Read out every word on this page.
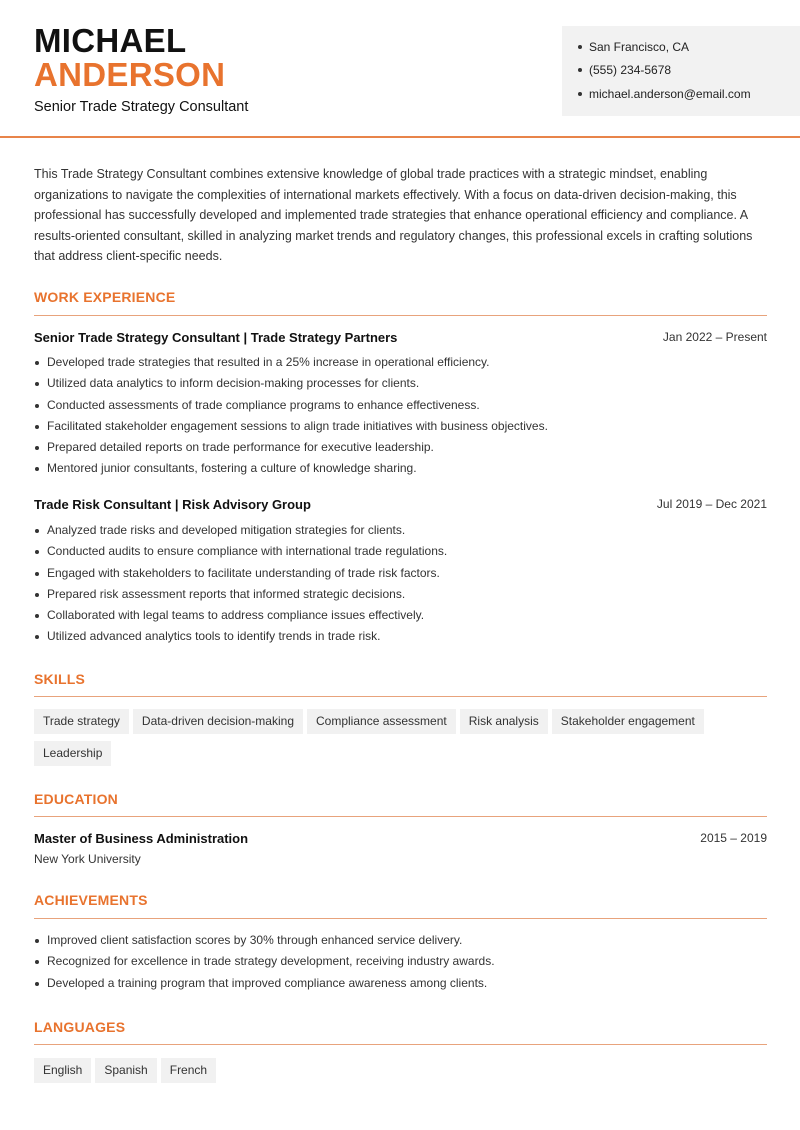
MICHAEL
ANDERSON
Senior Trade Strategy Consultant
San Francisco, CA
(555) 234-5678
michael.anderson@email.com
This Trade Strategy Consultant combines extensive knowledge of global trade practices with a strategic mindset, enabling organizations to navigate the complexities of international markets effectively. With a focus on data-driven decision-making, this professional has successfully developed and implemented trade strategies that enhance operational efficiency and compliance. A results-oriented consultant, skilled in analyzing market trends and regulatory changes, this professional excels in crafting solutions that address client-specific needs.
WORK EXPERIENCE
Senior Trade Strategy Consultant | Trade Strategy Partners	Jan 2022 – Present
Developed trade strategies that resulted in a 25% increase in operational efficiency.
Utilized data analytics to inform decision-making processes for clients.
Conducted assessments of trade compliance programs to enhance effectiveness.
Facilitated stakeholder engagement sessions to align trade initiatives with business objectives.
Prepared detailed reports on trade performance for executive leadership.
Mentored junior consultants, fostering a culture of knowledge sharing.
Trade Risk Consultant | Risk Advisory Group	Jul 2019 – Dec 2021
Analyzed trade risks and developed mitigation strategies for clients.
Conducted audits to ensure compliance with international trade regulations.
Engaged with stakeholders to facilitate understanding of trade risk factors.
Prepared risk assessment reports that informed strategic decisions.
Collaborated with legal teams to address compliance issues effectively.
Utilized advanced analytics tools to identify trends in trade risk.
SKILLS
Trade strategy Data-driven decision-making Compliance assessment Risk analysis Stakeholder engagementLeadership
EDUCATION
Master of Business Administration	2015 – 2019
New York University
ACHIEVEMENTS
Improved client satisfaction scores by 30% through enhanced service delivery.
Recognized for excellence in trade strategy development, receiving industry awards.
Developed a training program that improved compliance awareness among clients.
LANGUAGES
English Spanish French
